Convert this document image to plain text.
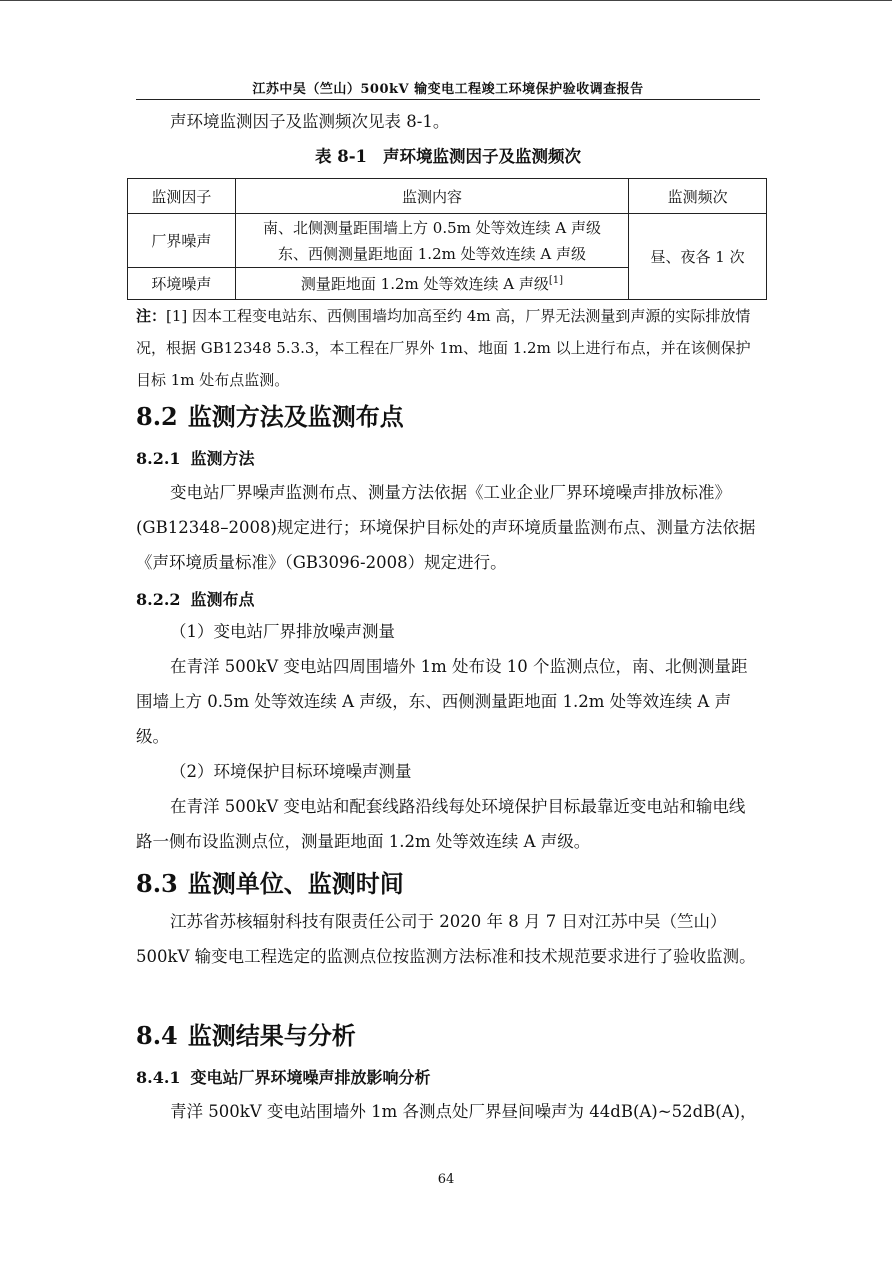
江苏中吴（竺山）500kV 输变电工程竣工环境保护验收调查报告

声环境监测因子及监测频次见表 8-1。

表 8-1 声环境监测因子及监测频次
监测因子	监测内容	监测频次
厂界噪声	南、北侧测量距围墙上方 0.5m 处等效连续 A 声级
东、西侧测量距地面 1.2m 处等效连续 A 声级	昼、夜各 1 次
环境噪声	测量距地面 1.2m 处等效连续 A 声级[1]

注：[1] 因本工程变电站东、西侧围墙均加高至约 4m 高，厂界无法测量到声源的实际排放情况，根据 GB12348 5.3.3，本工程在厂界外 1m、地面 1.2m 以上进行布点，并在该侧保护目标 1m 处布点监测。

8.2 监测方法及监测布点
8.2.1 监测方法

变电站厂界噪声监测布点、测量方法依据《工业企业厂界环境噪声排放标准》(GB12348–2008)规定进行；环境保护目标处的声环境质量监测布点、测量方法依据《声环境质量标准》（GB3096-2008）规定进行。

8.2.2 监测布点

（1）变电站厂界排放噪声测量

在青洋 500kV 变电站四周围墙外 1m 处布设 10 个监测点位，南、北侧测量距围墙上方 0.5m 处等效连续 A 声级，东、西侧测量距地面 1.2m 处等效连续 A 声级。

（2）环境保护目标环境噪声测量

在青洋 500kV 变电站和配套线路沿线每处环境保护目标最靠近变电站和输电线路一侧布设监测点位，测量距地面 1.2m 处等效连续 A 声级。

8.3 监测单位、监测时间

江苏省苏核辐射科技有限责任公司于 2020 年 8 月 7 日对江苏中吴（竺山）500kV 输变电工程选定的监测点位按监测方法标准和技术规范要求进行了验收监测。

8.4 监测结果与分析
8.4.1 变电站厂界环境噪声排放影响分析

青洋 500kV 变电站围墙外 1m 各测点处厂界昼间噪声为 44dB(A)~52dB(A)，

64
